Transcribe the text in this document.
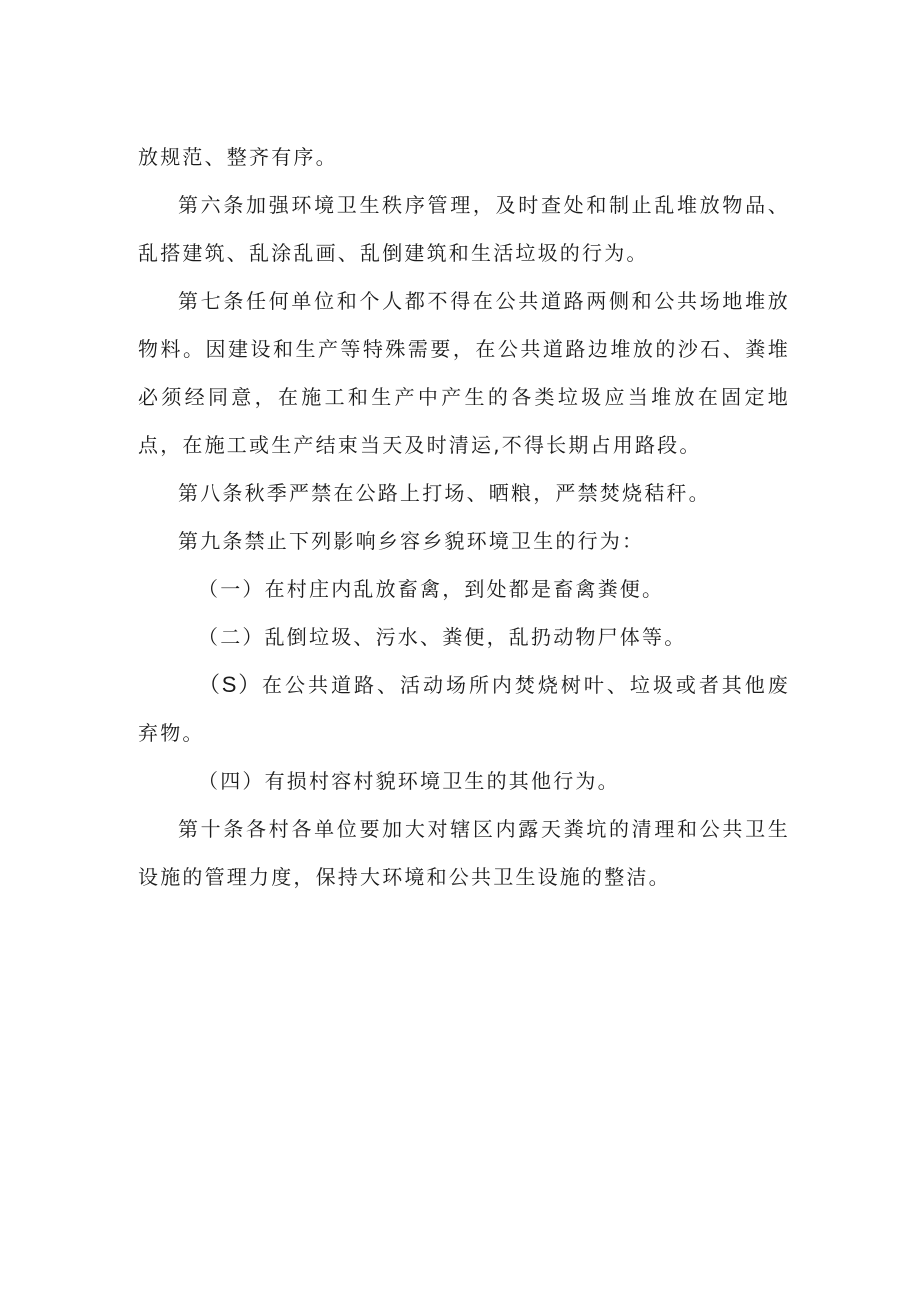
放规范、整齐有序。

第六条加强环境卫生秩序管理，及时查处和制止乱堆放物品、乱搭建筑、乱涂乱画、乱倒建筑和生活垃圾的行为。

第七条任何单位和个人都不得在公共道路两侧和公共场地堆放物料。因建设和生产等特殊需要，在公共道路边堆放的沙石、粪堆必须经同意，在施工和生产中产生的各类垃圾应当堆放在固定地点，在施工或生产结束当天及时清运,不得长期占用路段。

第八条秋季严禁在公路上打场、晒粮，严禁焚烧秸秆。

第九条禁止下列影响乡容乡貌环境卫生的行为：

（一）在村庄内乱放畜禽，到处都是畜禽粪便。

（二）乱倒垃圾、污水、粪便，乱扔动物尸体等。

（S）在公共道路、活动场所内焚烧树叶、垃圾或者其他废弃物。

（四）有损村容村貌环境卫生的其他行为。

第十条各村各单位要加大对辖区内露天粪坑的清理和公共卫生设施的管理力度，保持大环境和公共卫生设施的整洁。
